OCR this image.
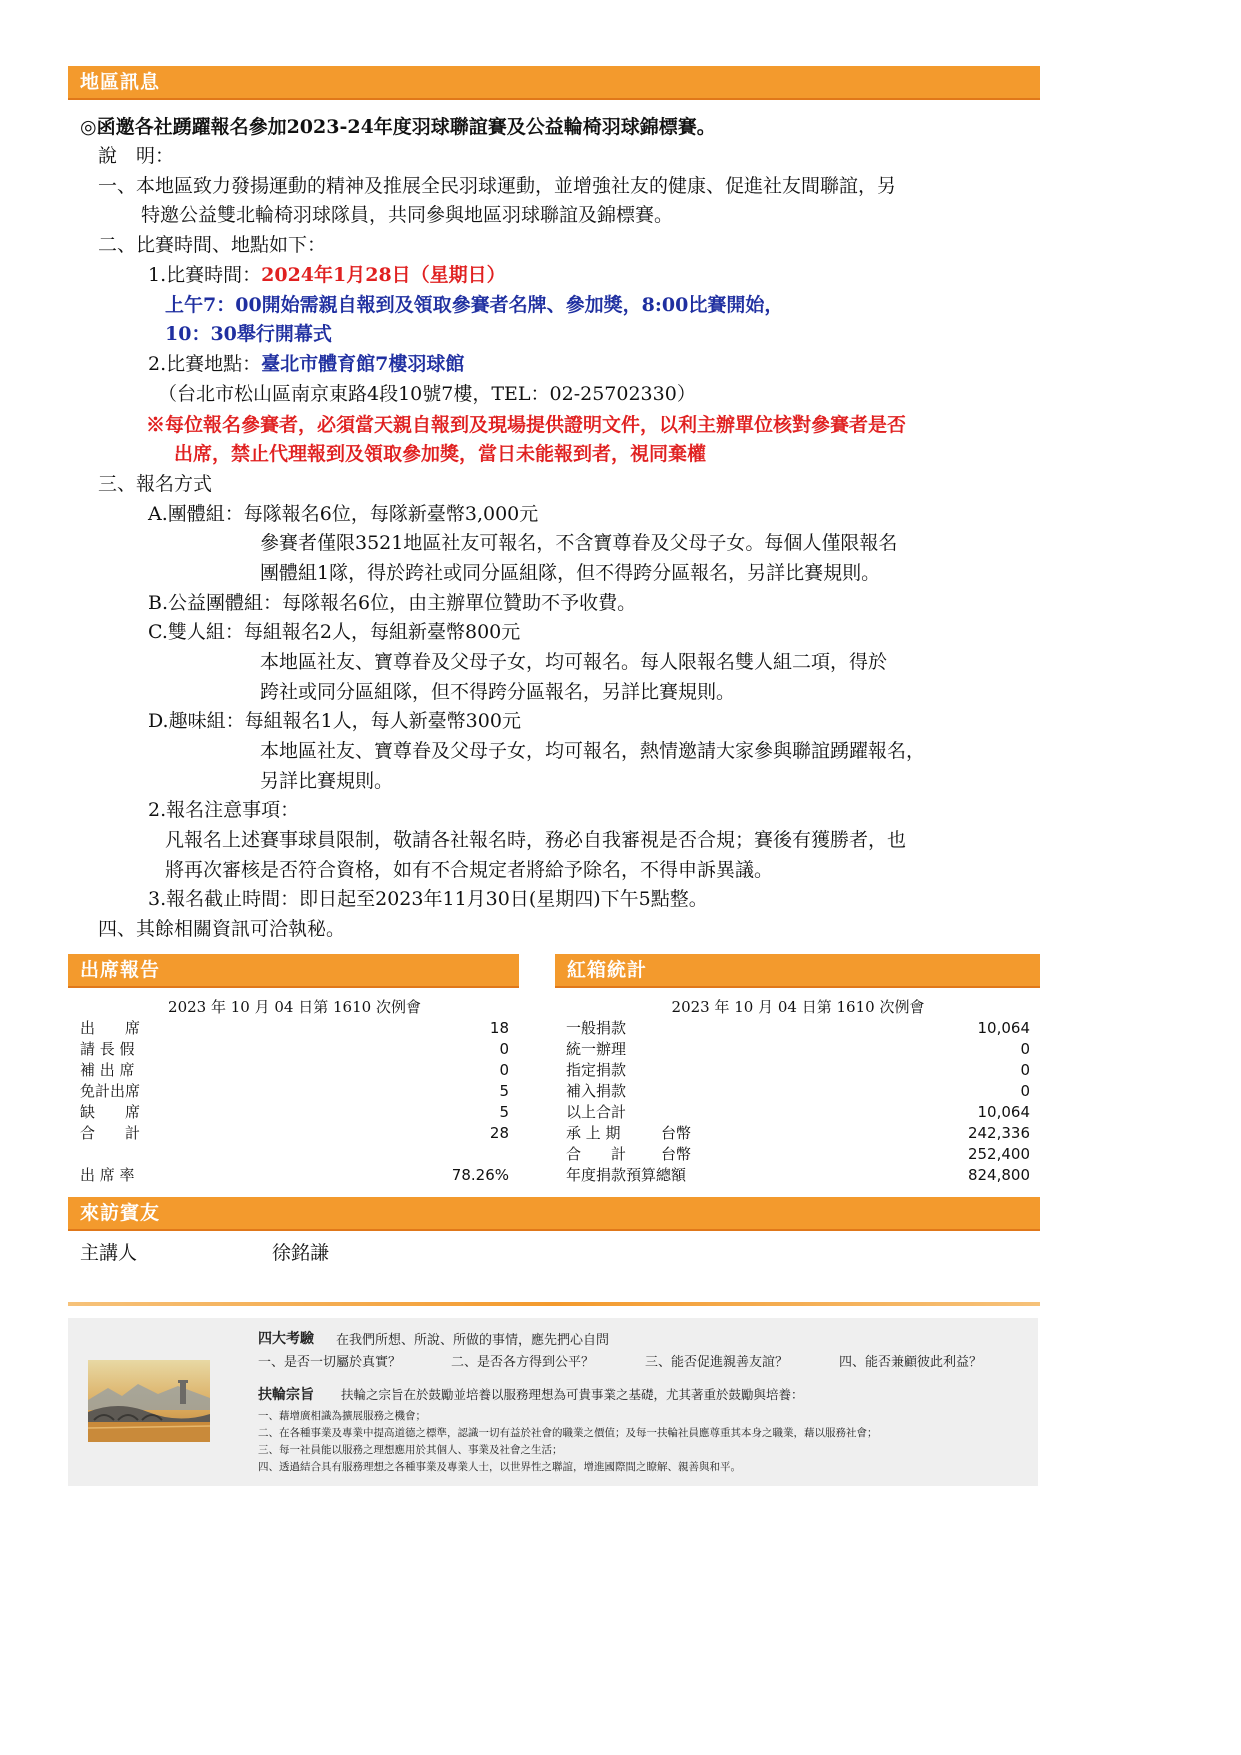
地區訊息
◎函邀各社踴躍報名參加2023-24年度羽球聯誼賽及公益輪椅羽球錦標賽。
說　明：
一、本地區致力發揚運動的精神及推展全民羽球運動，並增強社友的健康、促進社友間聯誼，另
特邀公益雙北輪椅羽球隊員，共同參與地區羽球聯誼及錦標賽。
二、比賽時間、地點如下：
1.比賽時間：2024年1月28日（星期日）
上午7：00開始需親自報到及領取參賽者名牌、參加獎，8:00比賽開始，
10：30舉行開幕式
2.比賽地點：臺北市體育館7樓羽球館
（台北市松山區南京東路4段10號7樓，TEL：02-25702330）
※每位報名參賽者，必須當天親自報到及現場提供證明文件，以利主辦單位核對參賽者是否
出席，禁止代理報到及領取參加獎，當日未能報到者，視同棄權
三、報名方式
A.團體組：每隊報名6位，每隊新臺幣3,000元
參賽者僅限3521地區社友可報名，不含寶尊眷及父母子女。每個人僅限報名
團體組1隊，得於跨社或同分區組隊，但不得跨分區報名，另詳比賽規則。
B.公益團體組：每隊報名6位，由主辦單位贊助不予收費。
C.雙人組：每組報名2人，每組新臺幣800元
本地區社友、寶尊眷及父母子女，均可報名。每人限報名雙人組二項，得於
跨社或同分區組隊，但不得跨分區報名，另詳比賽規則。
D.趣味組：每組報名1人，每人新臺幣300元
本地區社友、寶尊眷及父母子女，均可報名，熱情邀請大家參與聯誼踴躍報名，
另詳比賽規則。
2.報名注意事項：
凡報名上述賽事球員限制，敬請各社報名時，務必自我審視是否合規；賽後有獲勝者，也
將再次審核是否符合資格，如有不合規定者將給予除名，不得申訴異議。
3.報名截止時間：即日起至2023年11月30日(星期四)下午5點整。
四、其餘相關資訊可洽執秘。
出席報告	紅箱統計
2023 年 10 月 04 日第 1610 次例會
出　　席	18
請 長 假	0
補 出 席	0
免計出席	5
缺　　席	5
合　　計	28
出 席 率	78.26%
2023 年 10 月 04 日第 1610 次例會
一般捐款	10,064
統一辦理	0
指定捐款	0
補入捐款	0
以上合計	10,064
承 上 期	台幣	242,336
合　　計 台幣	252,400
年度捐款預算總額	824,800
來訪賓友
主講人	徐銘謙
四大考驗 在我們所想、所說、所做的事情，應先捫心自問
一、是否一切屬於真實？	二、是否各方得到公平？	三、能否促進親善友誼？	四、能否兼顧彼此利益？
扶輪宗旨 扶輪之宗旨在於鼓勵並培養以服務理想為可貴事業之基礎，尤其著重於鼓勵與培養：
一、藉增廣相識為擴展服務之機會；
二、在各種事業及專業中提高道德之標準，認識一切有益於社會的職業之價值；及每一扶輪社員應尊重其本身之職業，藉以服務社會；
三、每一社員能以服務之理想應用於其個人、事業及社會之生活；
四、透過結合具有服務理想之各種事業及專業人士，以世界性之聯誼，增進國際間之瞭解、親善與和平。
